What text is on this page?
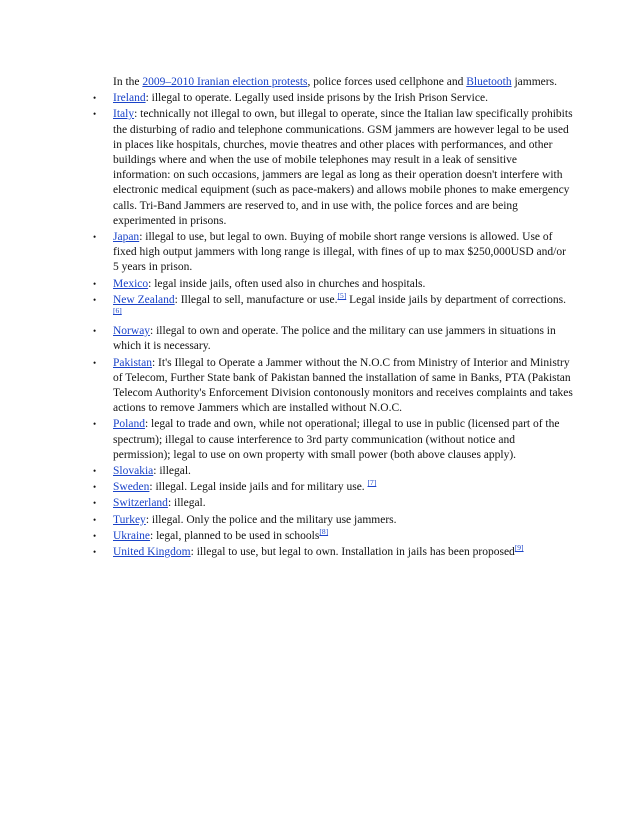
In the 2009–2010 Iranian election protests, police forces used cellphone and Bluetooth jammers.

• Ireland: illegal to operate. Legally used inside prisons by the Irish Prison Service.
• Italy: technically not illegal to own, but illegal to operate, since the Italian law specifically prohibits the disturbing of radio and telephone communications. GSM jammers are however legal to be used in places like hospitals, churches, movie theatres and other places with performances, and other buildings where and when the use of mobile telephones may result in a leak of sensitive information: on such occasions, jammers are legal as long as their operation doesn't interfere with electronic medical equipment (such as pace-makers) and allows mobile phones to make emergency calls. Tri-Band Jammers are reserved to, and in use with, the police forces and are being experimented in prisons.
• Japan: illegal to use, but legal to own. Buying of mobile short range versions is allowed. Use of fixed high output jammers with long range is illegal, with fines of up to max $250,000USD and/or 5 years in prison.
• Mexico: legal inside jails, often used also in churches and hospitals.
• New Zealand: Illegal to sell, manufacture or use.[5] Legal inside jails by department of corrections.[6]
• Norway: illegal to own and operate. The police and the military can use jammers in situations in which it is necessary.
• Pakistan: It's Illegal to Operate a Jammer without the N.O.C from Ministry of Interior and Ministry of Telecom, Further State bank of Pakistan banned the installation of same in Banks, PTA (Pakistan Telecom Authority's Enforcement Division contonously monitors and receives complaints and takes actions to remove Jammers which are installed without N.O.C.
• Poland: legal to trade and own, while not operational; illegal to use in public (licensed part of the spectrum); illegal to cause interference to 3rd party communication (without notice and permission); legal to use on own property with small power (both above clauses apply).
• Slovakia: illegal.
• Sweden: illegal. Legal inside jails and for military use. [7]
• Switzerland: illegal.
• Turkey: illegal. Only the police and the military use jammers.
• Ukraine: legal, planned to be used in schools[8]
• United Kingdom: illegal to use, but legal to own. Installation in jails has been proposed[9]
